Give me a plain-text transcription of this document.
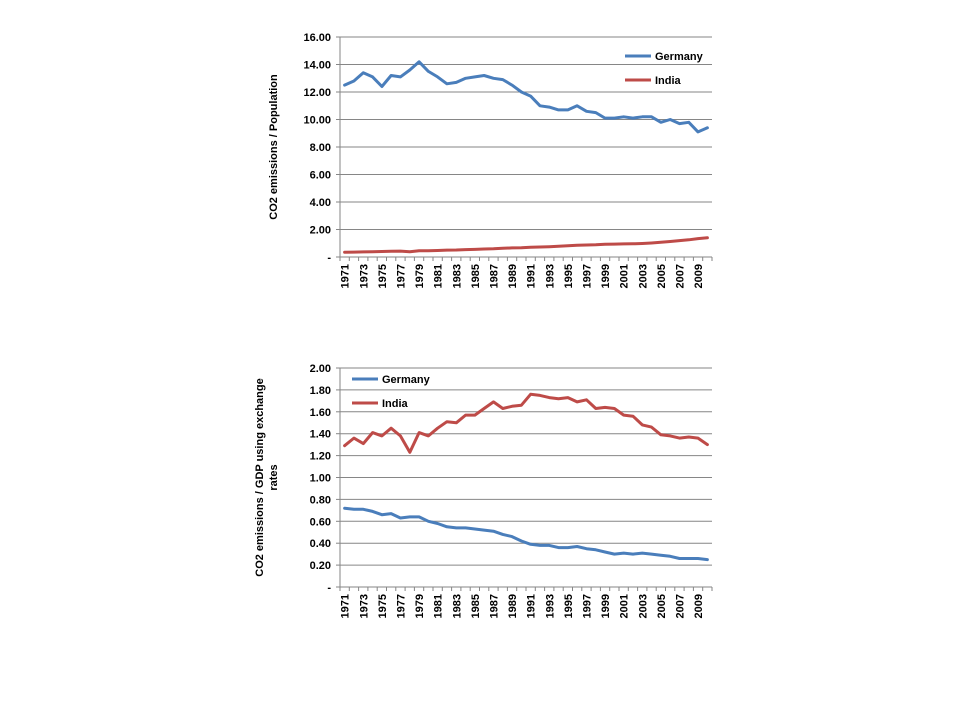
-
2.00
4.00
6.00
8.00
10.00
12.00
14.00
16.00
1971 1973 1975 1977 1979 1981 1983 1985 1987 1989 1991 1993 1995 1997 1999 2001 2003 2005 2007 2009
CO2 emissions / Population
Germany
India
-
0.20
0.40
0.60
0.80
1.00
1.20
1.40
1.60
1.80
2.00
1971 1973 1975 1977 1979 1981 1983 1985 1987 1989 1991 1993 1995 1997 1999 2001 2003 2005 2007 2009
CO2 emissions / GDP using exchange rates
Germany
India
